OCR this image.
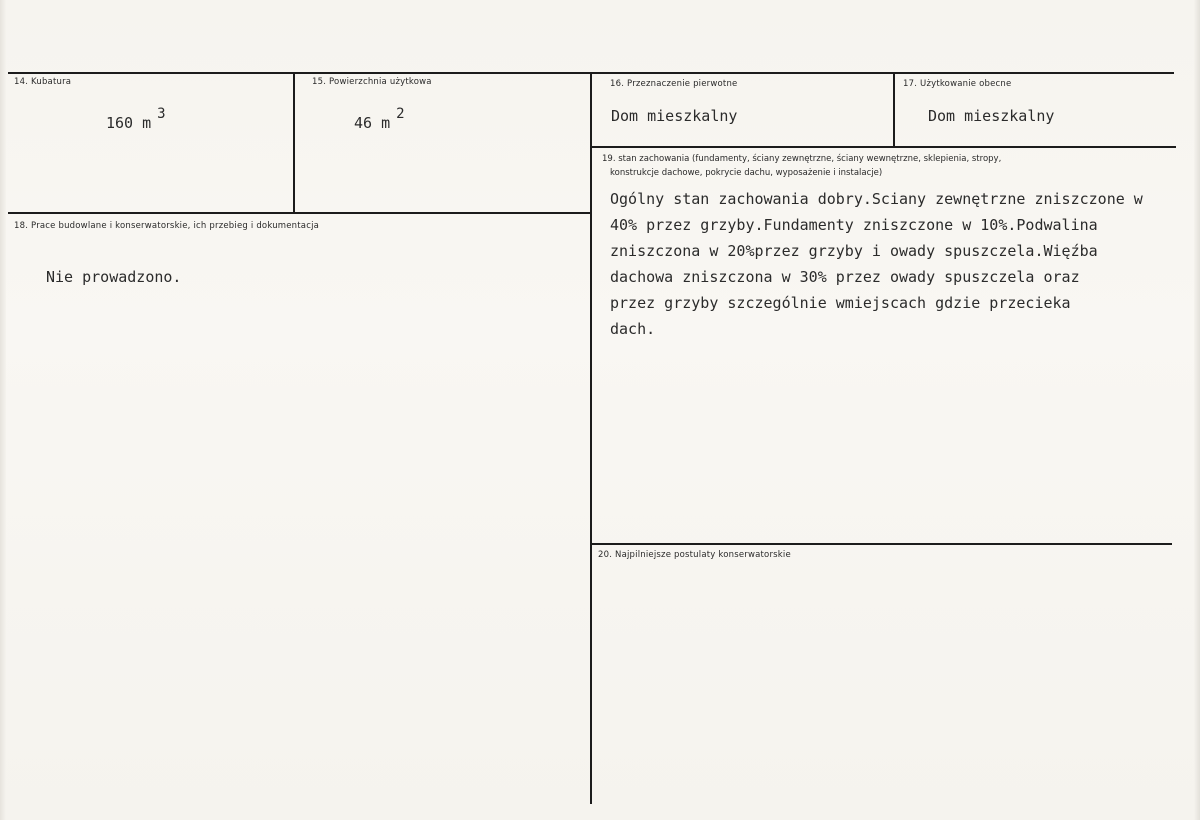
14. Kubatura
160 m $^3$
15. Powierzchnia użytkowa
46 m $^2$
16. Przeznaczenie pierwotne
Dom mieszkalny
17. Użytkowanie obecne
Dom mieszkalny
18. Prace budowlane i konserwatorskie, ich przebieg i dokumentacja
Nie prowadzono.
19. stan zachowania (fundamenty, ściany zewnętrzne, ściany wewnętrzne, sklepienia, stropy,
konstrukcje dachowe, pokrycie dachu, wyposażenie i instalacje)
Ogólny stan zachowania dobry.Sciany zewnętrzne zniszczone w
40% przez grzyby.Fundamenty zniszczone w 10%.Podwalina
zniszczona w 20%przez grzyby i owady spuszczela.Więźba
dachowa zniszczona w 30% przez owady spuszczela oraz
przez grzyby szczególnie wmiejscach gdzie przecieka
dach.
20. Najpilniejsze postulaty konserwatorskie
